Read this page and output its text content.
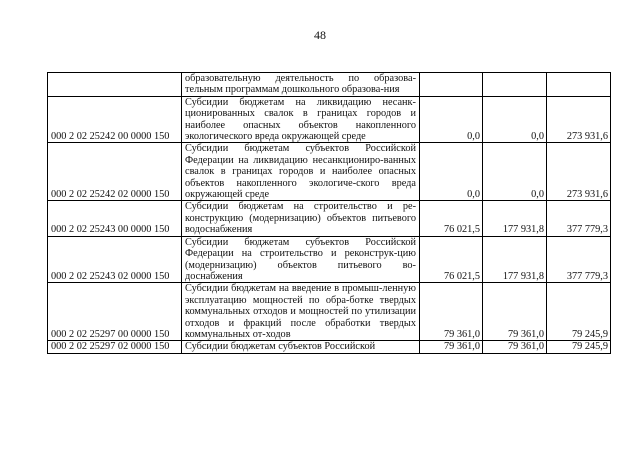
48
	образовательную деятельность по образова-тельным программам дошкольного образова-ния			
000 2 02 25242 00 0000 150	Субсидии бюджетам на ликвидацию несанк-ционированных свалок в границах городов и наиболее опасных объектов накопленного экологического вреда окружающей среде	0,0	0,0	273 931,6
000 2 02 25242 02 0000 150	Субсидии бюджетам субъектов Российской Федерации на ликвидацию несанкциониро-ванных свалок в границах городов и наиболее опасных объектов накопленного экологиче-ского вреда окружающей среде	0,0	0,0	273 931,6
000 2 02 25243 00 0000 150	Субсидии бюджетам на строительство и ре-конструкцию (модернизацию) объектов питьевого водоснабжения	76 021,5	177 931,8	377 779,3
000 2 02 25243 02 0000 150	Субсидии бюджетам субъектов Российской Федерации на строительство и реконструк-цию (модернизацию) объектов питьевого во-доснабжения	76 021,5	177 931,8	377 779,3
000 2 02 25297 00 0000 150	Субсидии бюджетам на введение в промыш-ленную эксплуатацию мощностей по обра-ботке твердых коммунальных отходов и мощностей по утилизации отходов и фракций после обработки твердых коммунальных от-ходов	79 361,0	79 361,0	79 245,9
000 2 02 25297 02 0000 150	Субсидии бюджетам субъектов Российской	79 361,0	79 361,0	79 245,9
